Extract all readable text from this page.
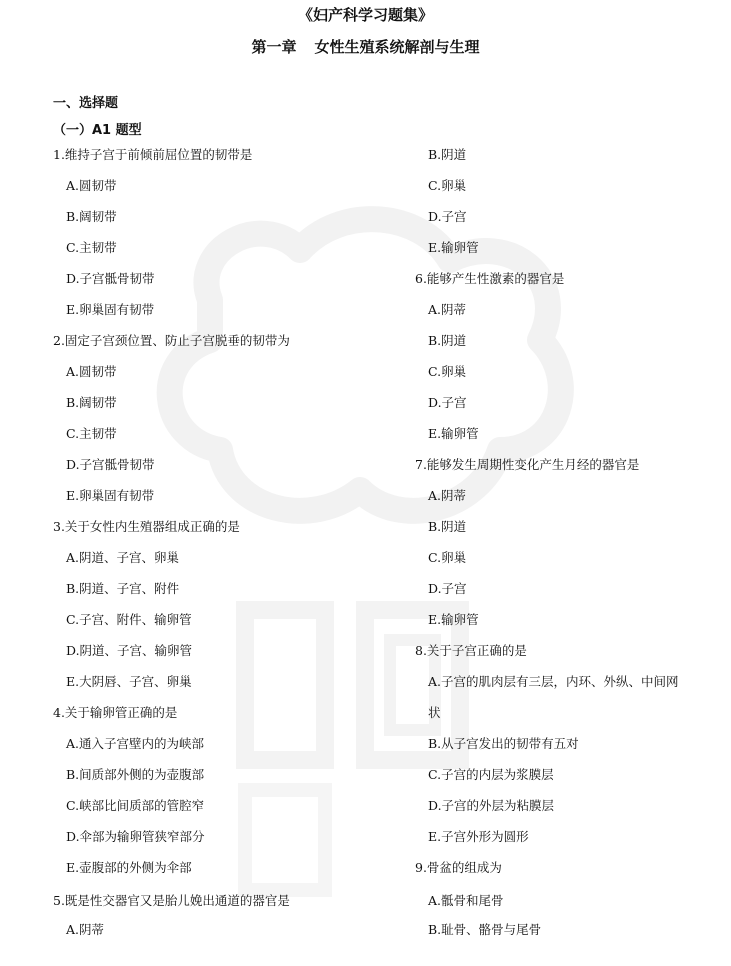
《妇产科学习题集》
第一章 女性生殖系统解剖与生理
一、选择题
（一）A1 题型
1.维持子宫于前倾前屈位置的韧带是
A.圆韧带
B.阔韧带
C.主韧带
D.子宫骶骨韧带
E.卵巢固有韧带
2.固定子宫颈位置、防止子宫脱垂的韧带为
A.圆韧带
B.阔韧带
C.主韧带
D.子宫骶骨韧带
E.卵巢固有韧带
3.关于女性内生殖器组成正确的是
A.阴道、子宫、卵巢
B.阴道、子宫、附件
C.子宫、附件、输卵管
D.阴道、子宫、输卵管
E.大阴唇、子宫、卵巢
4.关于输卵管正确的是
A.通入子宫壁内的为峡部
B.间质部外侧的为壶腹部
C.峡部比间质部的管腔窄
D.伞部为输卵管狭窄部分
E.壶腹部的外侧为伞部
5.既是性交器官又是胎儿娩出通道的器官是
A.阴蒂
B.阴道
C.卵巢
D.子宫
E.输卵管
6.能够产生性激素的器官是
A.阴蒂
B.阴道
C.卵巢
D.子宫
E.输卵管
7.能够发生周期性变化产生月经的器官是
A.阴蒂
B.阴道
C.卵巢
D.子宫
E.输卵管
8.关于子宫正确的是
A.子宫的肌肉层有三层，内环、外纵、中间网
状
B.从子宫发出的韧带有五对
C.子宫的内层为浆膜层
D.子宫的外层为粘膜层
E.子宫外形为圆形
9.骨盆的组成为
A.骶骨和尾骨
B.耻骨、骼骨与尾骨
